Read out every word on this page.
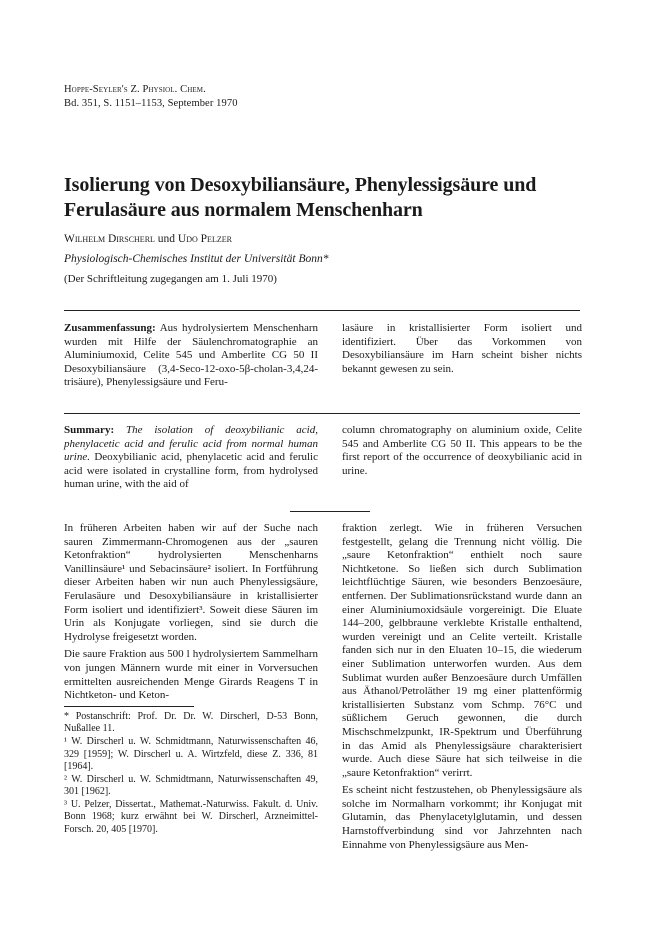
Hoppe-Seyler's Z. Physiol. Chem.
Bd. 351, S. 1151–1153, September 1970
Isolierung von Desoxybiliansäure, Phenylessigsäure und Ferulasäure aus normalem Menschenharn
Wilhelm Dirscherl und Udo Pelzer
Physiologisch-Chemisches Institut der Universität Bonn*
(Der Schriftleitung zugegangen am 1. Juli 1970)
Zusammenfassung: Aus hydrolysiertem Menschenharn wurden mit Hilfe der Säulenchromatographie an Aluminiumoxid, Celite 545 und Amberlite CG 50 II Desoxybiliansäure (3,4-Seco-12-oxo-5β-cholan-3,4,24-trisäure), Phenylessigsäure und Feru-
lasäure in kristallisierter Form isoliert und identifiziert. Über das Vorkommen von Desoxybiliansäure im Harn scheint bisher nichts bekannt gewesen zu sein.
Summary: The isolation of deoxybilianic acid, phenylacetic acid and ferulic acid from normal human urine. Deoxybilianic acid, phenylacetic acid and ferulic acid were isolated in crystalline form, from hydrolysed human urine, with the aid of
column chromatography on aluminium oxide, Celite 545 and Amberlite CG 50 II. This appears to be the first report of the occurrence of deoxybilianic acid in urine.

In früheren Arbeiten haben wir auf der Suche nach sauren Zimmermann-Chromogenen aus der „sauren Ketonfraktion“ hydrolysierten Menschenharns Vanillinsäure¹ und Sebacinsäure² isoliert. In Fortführung dieser Arbeiten haben wir nun auch Phenylessigsäure, Ferulasäure und Desoxybiliansäure in kristallisierter Form isoliert und identifiziert³. Soweit diese Säuren im Urin als Konjugate vorliegen, sind sie durch die Hydrolyse freigesetzt worden.

Die saure Fraktion aus 500 l hydrolysiertem Sammelharn von jungen Männern wurde mit einer in Vorversuchen ermittelten ausreichenden Menge Girards Reagens T in Nichtketon- und Keton-

* Postanschrift: Prof. Dr. Dr. W. Dirscherl, D-53 Bonn, Nußallee 11.

¹ W. Dirscherl u. W. Schmidtmann, Naturwissenschaften 46, 329 [1959]; W. Dirscherl u. A. Wirtzfeld, diese Z. 336, 81 [1964].

² W. Dirscherl u. W. Schmidtmann, Naturwissenschaften 49, 301 [1962].

³ U. Pelzer, Dissertat., Mathemat.-Naturwiss. Fakult. d. Univ. Bonn 1968; kurz erwähnt bei W. Dirscherl, Arzneimittel-Forsch. 20, 405 [1970].

fraktion zerlegt. Wie in früheren Versuchen festgestellt, gelang die Trennung nicht völlig. Die „saure Ketonfraktion“ enthielt noch saure Nichtketone. So ließen sich durch Sublimation leichtflüchtige Säuren, wie besonders Benzoesäure, entfernen. Der Sublimationsrückstand wurde dann an einer Aluminiumoxidsäule vorgereinigt. Die Eluate 144–200, gelbbraune verklebte Kristalle enthaltend, wurden vereinigt und an Celite verteilt. Kristalle fanden sich nur in den Eluaten 10–15, die wiederum einer Sublimation unterworfen wurden. Aus dem Sublimat wurden außer Benzoesäure durch Umfällen aus Äthanol/Petroläther 19 mg einer plattenförmig kristallisierten Substanz vom Schmp. 76°C und süßlichem Geruch gewonnen, die durch Mischschmelzpunkt, IR-Spektrum und Überführung in das Amid als Phenylessigsäure charakterisiert wurde. Auch diese Säure hat sich teilweise in die „saure Ketonfraktion“ verirrt.

Es scheint nicht festzustehen, ob Phenylessigsäure als solche im Normalharn vorkommt; ihr Konjugat mit Glutamin, das Phenylacetylglutamin, und dessen Harnstoffverbindung sind vor Jahrzehnten nach Einnahme von Phenylessigsäure aus Men-
